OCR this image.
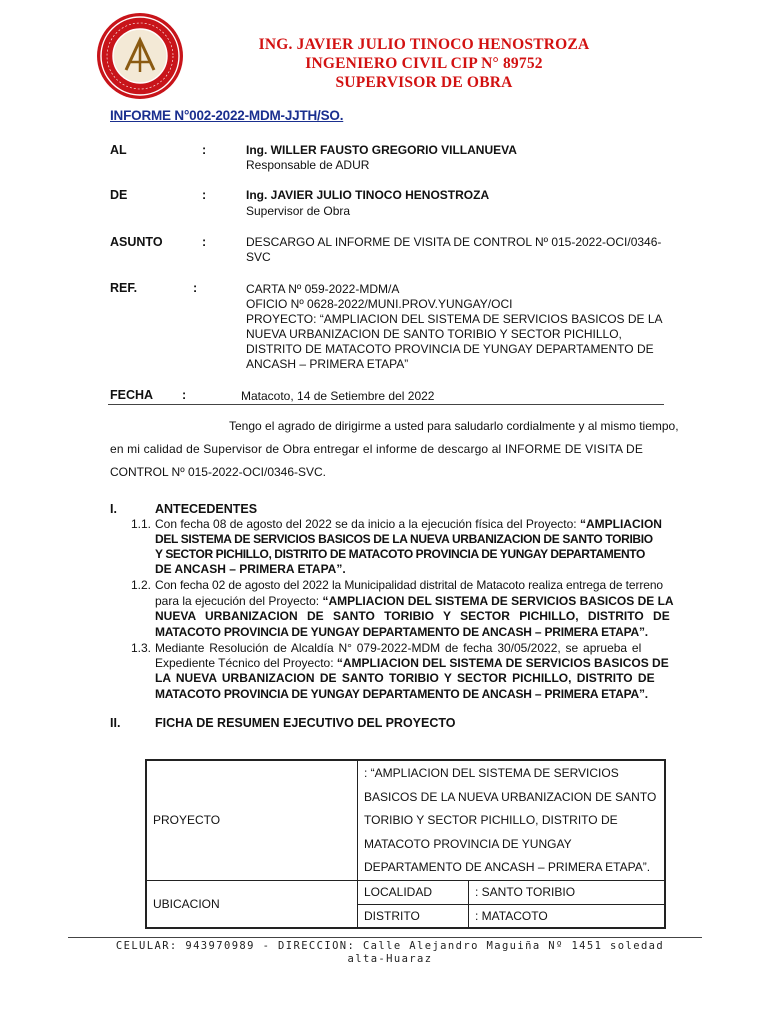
ING. JAVIER JULIO TINOCO HENOSTROZA
INGENIERO CIVIL CIP N° 89752
SUPERVISOR DE OBRA
INFORME N°002-2022-MDM-JJTH/SO.
AL	:	Ing. WILLER FAUSTO GREGORIO VILLANUEVA
Responsable de ADUR
DE	:	Ing. JAVIER JULIO TINOCO HENOSTROZA
Supervisor de Obra
ASUNTO	:	DESCARGO AL INFORME DE VISITA DE CONTROL Nº 015-2022-OCI/0346-
SVC
REF.	:	CARTA Nº 059-2022-MDM/A
OFICIO Nº 0628-2022/MUNI.PROV.YUNGAY/OCI
PROYECTO: “AMPLIACION DEL SISTEMA DE SERVICIOS BASICOS DE LA
NUEVA URBANIZACION DE SANTO TORIBIO Y SECTOR PICHILLO,
DISTRITO DE MATACOTO PROVINCIA DE YUNGAY DEPARTAMENTO DE
ANCASH – PRIMERA ETAPA”
FECHA :	Matacoto, 14 de Setiembre del 2022
Tengo el agrado de dirigirme a usted para saludarlo cordialmente y al mismo tiempo,
en mi calidad de Supervisor de Obra entregar el informe de descargo al INFORME DE VISITA DE
CONTROL Nº 015-2022-OCI/0346-SVC.
I.	ANTECEDENTES
1.1. Con fecha 08 de agosto del 2022 se da inicio a la ejecución física del Proyecto: “AMPLIACION
DEL SISTEMA DE SERVICIOS BASICOS DE LA NUEVA URBANIZACION DE SANTO TORIBIO
Y SECTOR PICHILLO, DISTRITO DE MATACOTO PROVINCIA DE YUNGAY DEPARTAMENTO
DE ANCASH – PRIMERA ETAPA”.
1.2. Con fecha 02 de agosto del 2022 la Municipalidad distrital de Matacoto realiza entrega de terreno
para la ejecución del Proyecto: “AMPLIACION DEL SISTEMA DE SERVICIOS BASICOS DE LA
NUEVA URBANIZACION DE SANTO TORIBIO Y SECTOR PICHILLO, DISTRITO DE
MATACOTO PROVINCIA DE YUNGAY DEPARTAMENTO DE ANCASH – PRIMERA ETAPA”.
1.3. Mediante Resolución de Alcaldía N° 079-2022-MDM de fecha 30/05/2022, se aprueba el
Expediente Técnico del Proyecto: “AMPLIACION DEL SISTEMA DE SERVICIOS BASICOS DE
LA NUEVA URBANIZACION DE SANTO TORIBIO Y SECTOR PICHILLO, DISTRITO DE
MATACOTO PROVINCIA DE YUNGAY DEPARTAMENTO DE ANCASH – PRIMERA ETAPA”.
II.	FICHA DE RESUMEN EJECUTIVO DEL PROYECTO
PROYECTO	: “AMPLIACION DEL SISTEMA DE SERVICIOS
BASICOS DE LA NUEVA URBANIZACION DE SANTO
TORIBIO Y SECTOR PICHILLO, DISTRITO DE
MATACOTO PROVINCIA DE YUNGAY
DEPARTAMENTO DE ANCASH – PRIMERA ETAPA”.	

UBICACION	LOCALIDAD	: SANTO TORIBIO
	DISTRITO	: MATACOTO
CELULAR: 943970989 - DIRECCION: Calle Alejandro Maguiña Nº 1451 soledad
alta-Huaraz
